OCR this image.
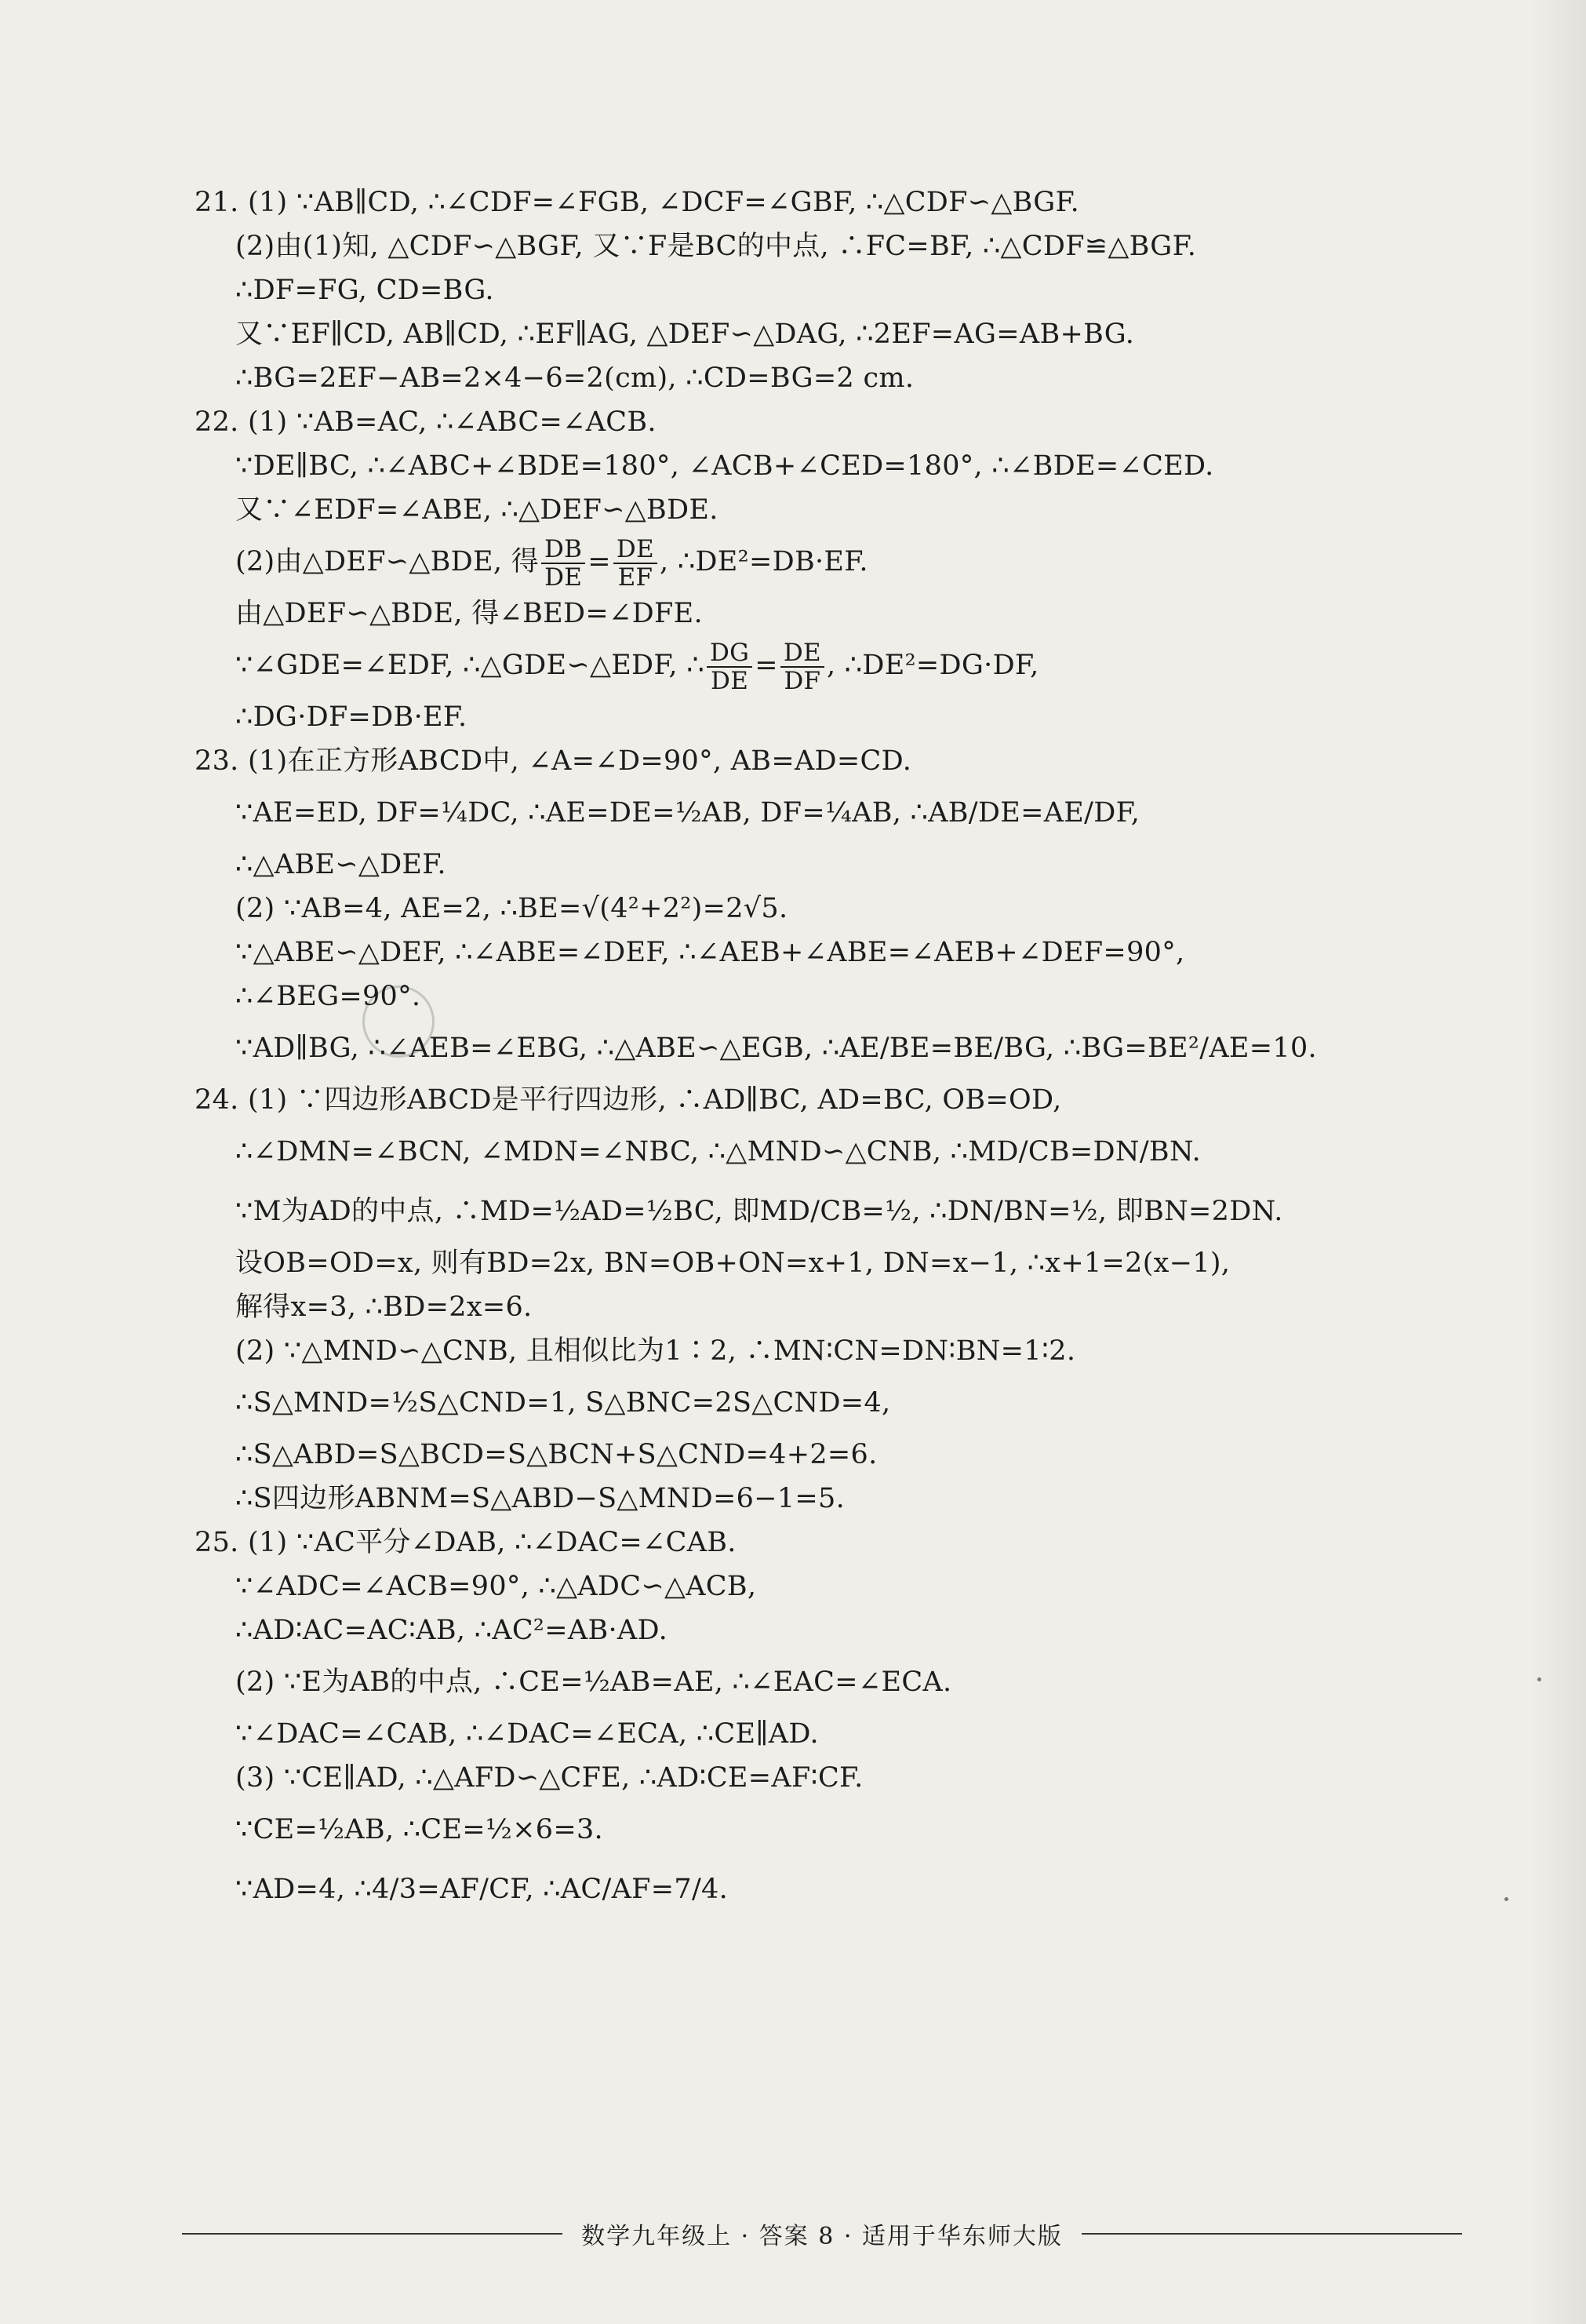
21. (1) ∵AB∥CD, ∴∠CDF=∠FGB, ∠DCF=∠GBF, ∴△CDF∽△BGF.
(2)由(1)知, △CDF∽△BGF, 又∵F是BC的中点, ∴FC=BF, ∴△CDF≌△BGF.
∴DF=FG, CD=BG.
又∵EF∥CD, AB∥CD, ∴EF∥AG, △DEF∽△DAG, ∴2EF=AG=AB+BG.
∴BG=2EF−AB=2×4−6=2(cm), ∴CD=BG=2 cm.
22. (1) ∵AB=AC, ∴∠ABC=∠ACB.
∵DE∥BC, ∴∠ABC+∠BDE=180°, ∠ACB+∠CED=180°, ∴∠BDE=∠CED.
又∵∠EDF=∠ABE, ∴△DEF∽△BDE.
(2)由△DEF∽△BDE, 得 $\frac{DB}{DE} = \frac{DE}{EF}$ , ∴DE²=DB·EF.
由△DEF∽△BDE, 得∠BED=∠DFE.
∵∠GDE=∠EDF, ∴△GDE∽△EDF, ∴ $\frac{DG}{DE} = \frac{DE}{DF}$ , ∴DE²=DG·DF,
∴DG·DF=DB·EF.
23. (1)在正方形ABCD中, ∠A=∠D=90°, AB=AD=CD.
∵AE=ED, DF=¼DC, ∴AE=DE=½AB, DF=¼AB, ∴AB/DE=AE/DF,
∴△ABE∽△DEF.
(2) ∵AB=4, AE=2, ∴BE=√(4²+2²)=2√5.
∵△ABE∽△DEF, ∴∠ABE=∠DEF, ∴∠AEB+∠ABE=∠AEB+∠DEF=90°,
∴∠BEG=90°.
∵AD∥BG, ∴∠AEB=∠EBG, ∴△ABE∽△EGB, ∴AE/BE=BE/BG, ∴BG=BE²/AE=10.
24. (1) ∵四边形ABCD是平行四边形, ∴AD∥BC, AD=BC, OB=OD,
∴∠DMN=∠BCN, ∠MDN=∠NBC, ∴△MND∽△CNB, ∴MD/CB=DN/BN.
∵M为AD的中点, ∴MD=½AD=½BC, 即MD/CB=½, ∴DN/BN=½, 即BN=2DN.
设OB=OD=x, 则有BD=2x, BN=OB+ON=x+1, DN=x−1, ∴x+1=2(x−1),
解得x=3, ∴BD=2x=6.
(2) ∵△MND∽△CNB, 且相似比为1∶2, ∴MN∶CN=DN∶BN=1∶2.
∴S△MND=½S△CND=1, S△BNC=2S△CND=4,
∴S△ABD=S△BCD=S△BCN+S△CND=4+2=6.
∴S四边形ABNM=S△ABD−S△MND=6−1=5.
25. (1) ∵AC平分∠DAB, ∴∠DAC=∠CAB.
∵∠ADC=∠ACB=90°, ∴△ADC∽△ACB,
∴AD∶AC=AC∶AB, ∴AC²=AB·AD.
(2) ∵E为AB的中点, ∴CE=½AB=AE, ∴∠EAC=∠ECA.
∵∠DAC=∠CAB, ∴∠DAC=∠ECA, ∴CE∥AD.
(3) ∵CE∥AD, ∴△AFD∽△CFE, ∴AD∶CE=AF∶CF.
∵CE=½AB, ∴CE=½×6=3.
∵AD=4, ∴4/3=AF/CF, ∴AC/AF=7/4.
数学九年级上 · 答案 8 · 适用于华东师大版
